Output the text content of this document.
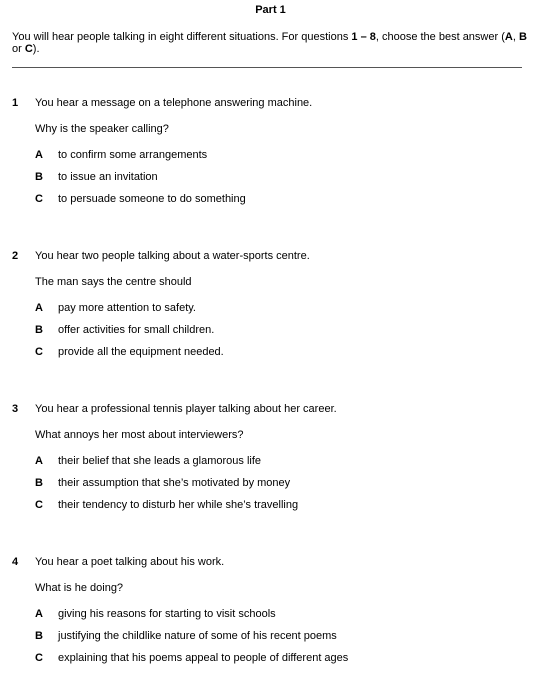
Part 1
You will hear people talking in eight different situations. For questions 1 – 8, choose the best answer (A, B or C).
1 You hear a message on a telephone answering machine.
Why is the speaker calling?
A to confirm some arrangements
B to issue an invitation
C to persuade someone to do something
2 You hear two people talking about a water-sports centre.
The man says the centre should
A pay more attention to safety.
B offer activities for small children.
C provide all the equipment needed.
3 You hear a professional tennis player talking about her career.
What annoys her most about interviewers?
A their belief that she leads a glamorous life
B their assumption that she’s motivated by money
C their tendency to disturb her while she’s travelling
4 You hear a poet talking about his work.
What is he doing?
A giving his reasons for starting to visit schools
B justifying the childlike nature of some of his recent poems
C explaining that his poems appeal to people of different ages
